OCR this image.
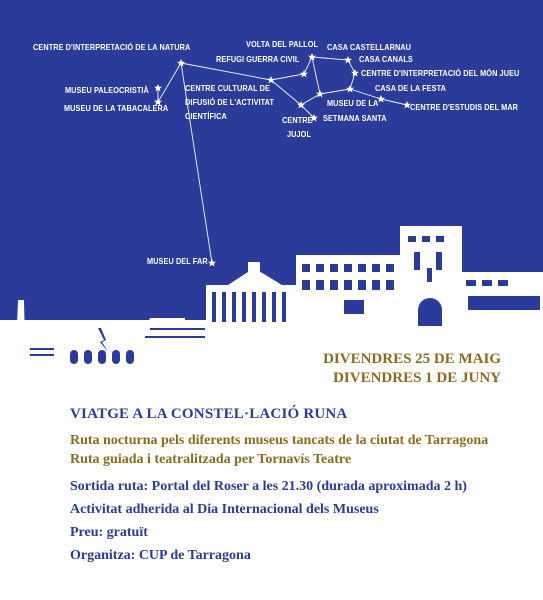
CENTRE D'INTERPRETACIÓ DE LA NATURA	VOLTA DEL PALLOL CASA CASTELLARNAU
REFUGI GUERRA CIVIL	CASA CANALS
CENTRE D'INTERPRETACIÓ DEL MÓN JUEU
CASA DE LA FESTA
MUSEU PALEOCRISTIÀ
MUSEU DE LA TABACALERA
CENTRE CULTURAL DE
DIFUSIÓ DE L'ACTIVITAT
CIENTÍFICA	CENTRE
JUJOL
MUSEU DE LA
SETMANA SANTA
CENTRE D'ESTUDIS DEL MAR
MUSEU DEL FAR
DIVENDRES 25 DE MAIG
DIVENDRES 1 DE JUNY
VIATGE A LA CONSTEL·LACIÓ RUNA
Ruta nocturna pels diferents museus tancats de la ciutat de Tarragona
Ruta guiada i teatralitzada per Tornavís Teatre
Sortida ruta: Portal del Roser a les 21.30 (durada aproximada 2 h)
Activitat adherida al Dia Internacional dels Museus
Preu: gratuït
Organitza: CUP de Tarragona
